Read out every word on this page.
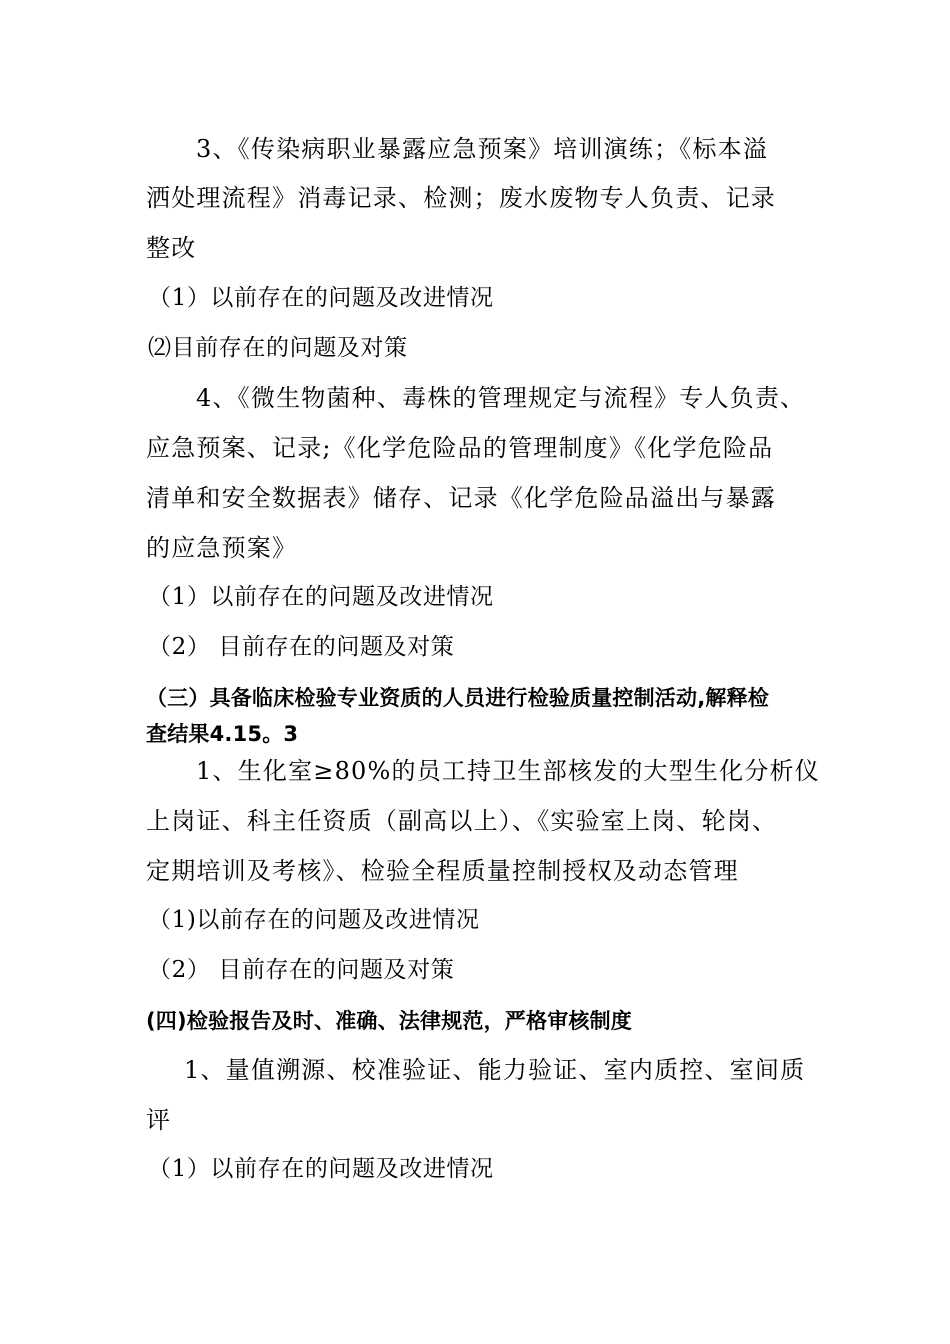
3、《传染病职业暴露应急预案》培训演练；《标本溢
洒处理流程》消毒记录、检测；废水废物专人负责、记录
整改
（1）以前存在的问题及改进情况
⑵目前存在的问题及对策
4、《微生物菌种、毒株的管理规定与流程》专人负责、
应急预案、记录;《化学危险品的管理制度》《化学危险品
清单和安全数据表》储存、记录《化学危险品溢出与暴露
的应急预案》
（1）以前存在的问题及改进情况
（2） 目前存在的问题及对策
（三）具备临床检验专业资质的人员进行检验质量控制活动,解释检
查结果4.15。3
1、生化室≥80%的员工持卫生部核发的大型生化分析仪
上岗证、科主任资质（副高以上）、《实验室上岗、轮岗、
定期培训及考核》、检验全程质量控制授权及动态管理
（1)以前存在的问题及改进情况
（2） 目前存在的问题及对策
(四)检验报告及时、准确、法律规范，严格审核制度
1、量值溯源、校准验证、能力验证、室内质控、室间质
评
（1）以前存在的问题及改进情况
